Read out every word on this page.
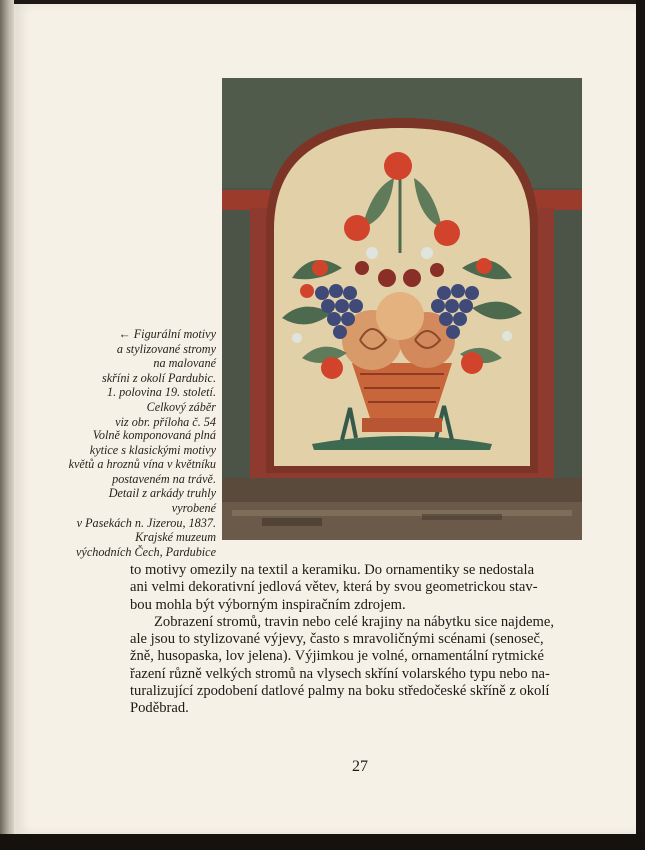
← Figurální motivy
a stylizované stromy
na malované
skříni z okolí Pardubic.
1. polovina 19. století.
Celkový záběr
viz obr. příloha č. 54
Volně komponovaná plná
kytice s klasickými motivy
květů a hroznů vína v květníku
postaveném na trávě.
Detail z arkády truhly
vyrobené
v Pasekách n. Jizerou, 1837.
Krajské muzeum
východních Čech, Pardubice
to motivy omezily na textil a keramiku. Do ornamentiky se nedostala
ani velmi dekorativní jedlová větev, která by svou geometrickou stav-
bou mohla být výborným inspiračním zdrojem.
Zobrazení stromů, travin nebo celé krajiny na nábytku sice najdeme,
ale jsou to stylizované výjevy, často s mravoličnými scénami (senoseč,
žně, husopaska, lov jelena). Výjimkou je volné, ornamentální rytmické
řazení různě velkých stromů na vlysech skříní volarského typu nebo na-
turalizující zpodobení datlové palmy na boku středočeské skříně z okolí
Poděbrad.
27
